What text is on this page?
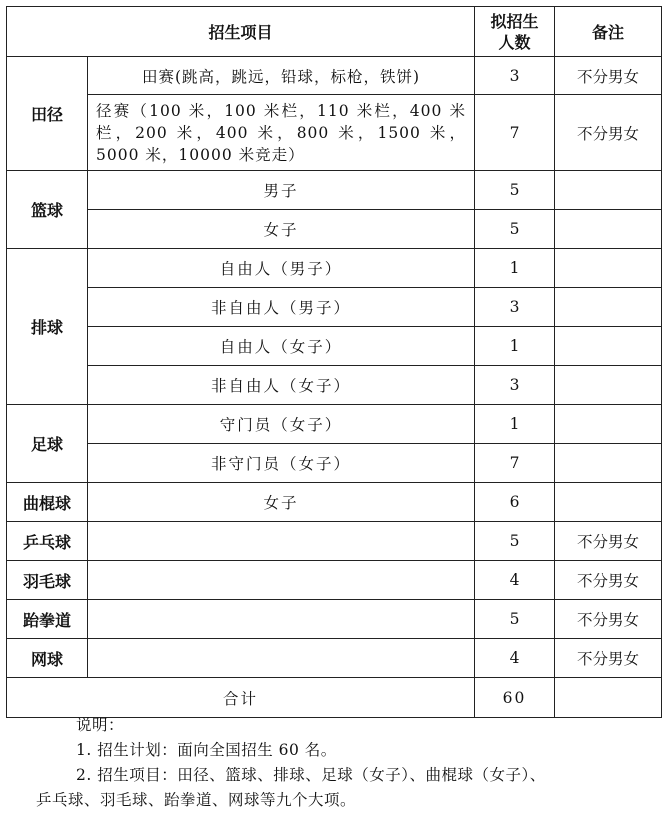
招生项目		拟招生人数	备注
田径	田赛(跳高，跳远，铅球，标枪，铁饼)	3	不分男女
	径赛（100 米，100 米栏，110 米栏，400 米栏，200 米，400 米，800 米，1500 米，5000 米，10000 米竞走）	7	不分男女
篮球	男子	5	
	女子	5	
排球	自由人（男子）	1	
	非自由人（男子）	3	
	自由人（女子）	1	
	非自由人（女子）	3	
足球	守门员（女子）	1	
	非守门员（女子）	7	
曲棍球	女子	6	
乒乓球		5	不分男女
羽毛球		4	不分男女
跆拳道		5	不分男女
网球		4	不分男女
合计		60	
说明：
1. 招生计划：面向全国招生 60 名。
2. 招生项目：田径、篮球、排球、足球（女子）、曲棍球（女子）、
乒乓球、羽毛球、跆拳道、网球等九个大项。
